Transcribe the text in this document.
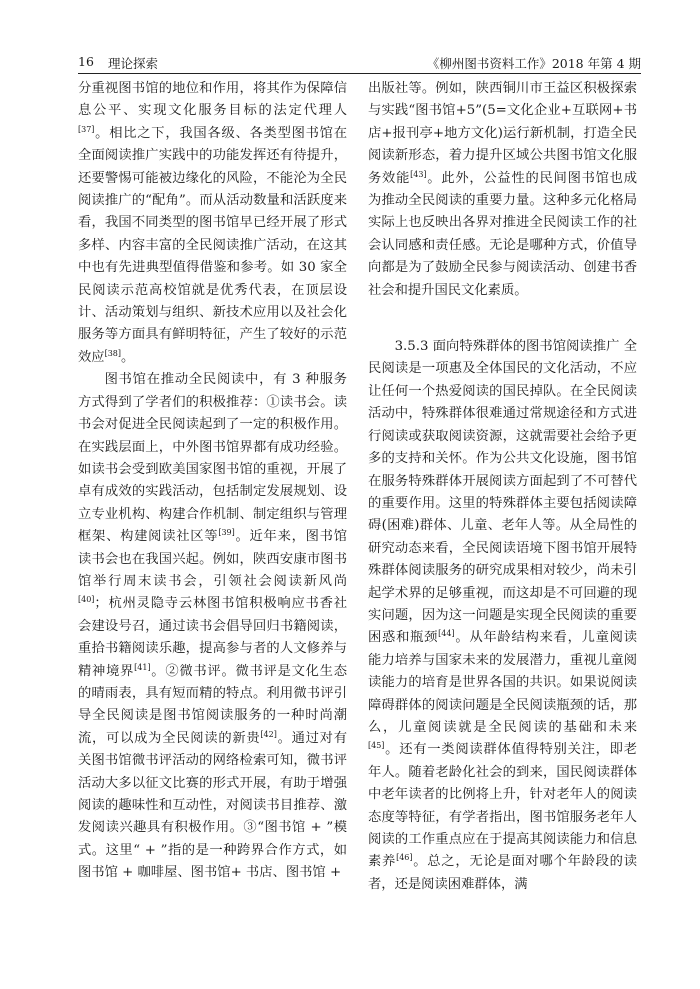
16 理论探索	《柳州图书资料工作》2018 年第 4 期

分重视图书馆的地位和作用，将其作为保障信息公平、实现文化服务目标的法定代理人[37]。相比之下，我国各级、各类型图书馆在全面阅读推广实践中的功能发挥还有待提升，还要警惕可能被边缘化的风险，不能沦为全民阅读推广的“配角”。而从活动数量和活跃度来看，我国不同类型的图书馆早已经开展了形式多样、内容丰富的全民阅读推广活动，在这其中也有先进典型值得借鉴和参考。如 30 家全民阅读示范高校馆就是优秀代表，在顶层设计、活动策划与组织、新技术应用以及社会化服务等方面具有鲜明特征，产生了较好的示范效应[38]。

图书馆在推动全民阅读中，有 3 种服务方式得到了学者们的积极推荐：①读书会。读书会对促进全民阅读起到了一定的积极作用。在实践层面上，中外图书馆界都有成功经验。如读书会受到欧美国家图书馆的重视，开展了卓有成效的实践活动，包括制定发展规划、设立专业机构、构建合作机制、制定组织与管理框架、构建阅读社区等[39]。近年来，图书馆读书会也在我国兴起。例如，陕西安康市图书馆举行周末读书会，引领社会阅读新风尚[40]；杭州灵隐寺云林图书馆积极响应书香社会建设号召，通过读书会倡导回归书籍阅读，重拾书籍阅读乐趣，提高参与者的人文修养与精神境界[41]。②微书评。微书评是文化生态的晴雨表，具有短而精的特点。利用微书评引导全民阅读是图书馆阅读服务的一种时尚潮流，可以成为全民阅读的新贵[42]。通过对有关图书馆微书评活动的网络检索可知，微书评活动大多以征文比赛的形式开展，有助于增强阅读的趣味性和互动性，对阅读书目推荐、激发阅读兴趣具有积极作用。③“图书馆 + ”模式。这里“ + ”指的是一种跨界合作方式，如图书馆 + 咖啡屋、图书馆+ 书店、图书馆 +

出版社等。例如，陕西铜川市王益区积极探索与实践“图书馆+5”(5=文化企业+互联网+书店+报刊亭+地方文化)运行新机制，打造全民阅读新形态，着力提升区域公共图书馆文化服务效能[43]。此外，公益性的民间图书馆也成为推动全民阅读的重要力量。这种多元化格局实际上也反映出各界对推进全民阅读工作的社会认同感和责任感。无论是哪种方式，价值导向都是为了鼓励全民参与阅读活动、创建书香社会和提升国民文化素质。

3.5.3 面向特殊群体的图书馆阅读推广 全民阅读是一项惠及全体国民的文化活动，不应让任何一个热爱阅读的国民掉队。在全民阅读活动中，特殊群体很难通过常规途径和方式进行阅读或获取阅读资源，这就需要社会给予更多的支持和关怀。作为公共文化设施，图书馆在服务特殊群体开展阅读方面起到了不可替代的重要作用。这里的特殊群体主要包括阅读障碍(困难)群体、儿童、老年人等。从全局性的研究动态来看，全民阅读语境下图书馆开展特殊群体阅读服务的研究成果相对较少，尚未引起学术界的足够重视，而这却是不可回避的现实问题，因为这一问题是实现全民阅读的重要困惑和瓶颈[44]。从年龄结构来看，儿童阅读能力培养与国家未来的发展潜力，重视儿童阅读能力的培育是世界各国的共识。如果说阅读障碍群体的阅读问题是全民阅读瓶颈的话，那么，儿童阅读就是全民阅读的基础和未来[45]。还有一类阅读群体值得特别关注，即老年人。随着老龄化社会的到来，国民阅读群体中老年读者的比例将上升，针对老年人的阅读态度等特征，有学者指出，图书馆服务老年人阅读的工作重点应在于提高其阅读能力和信息素养[46]。总之，无论是面对哪个年龄段的读者，还是阅读困难群体，满
